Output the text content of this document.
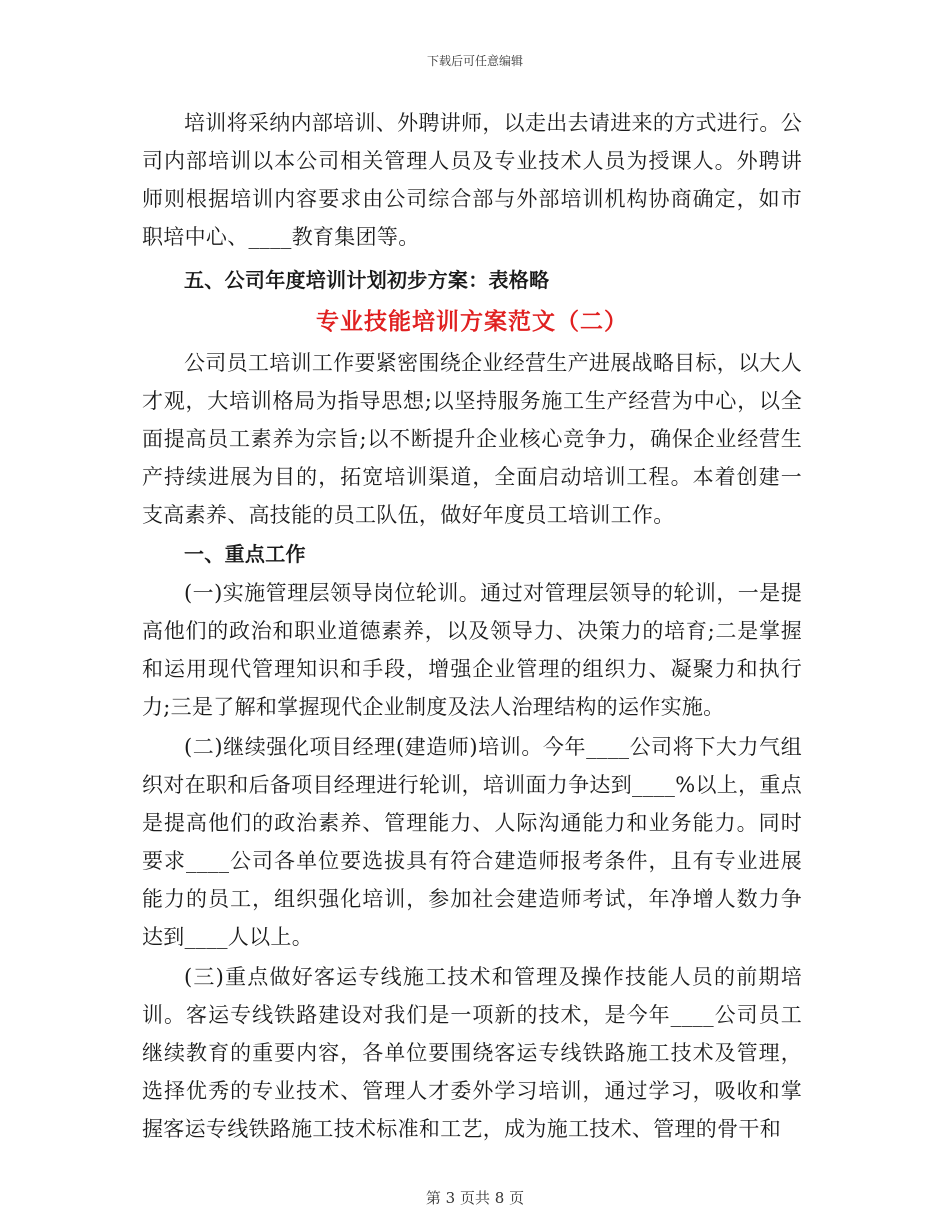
下载后可任意编辑

培训将采纳内部培训、外聘讲师，以走出去请进来的方式进行。公司内部培训以本公司相关管理人员及专业技术人员为授课人。外聘讲师则根据培训内容要求由公司综合部与外部培训机构协商确定，如市职培中心、____教育集团等。

五、公司年度培训计划初步方案：表格略

专业技能培训方案范文（二）

公司员工培训工作要紧密围绕企业经营生产进展战略目标，以大人才观，大培训格局为指导思想;以坚持服务施工生产经营为中心，以全面提高员工素养为宗旨;以不断提升企业核心竞争力，确保企业经营生产持续进展为目的，拓宽培训渠道，全面启动培训工程。本着创建一支高素养、高技能的员工队伍，做好年度员工培训工作。

一、重点工作

(一)实施管理层领导岗位轮训。通过对管理层领导的轮训，一是提高他们的政治和职业道德素养，以及领导力、决策力的培育;二是掌握和运用现代管理知识和手段，增强企业管理的组织力、凝聚力和执行力;三是了解和掌握现代企业制度及法人治理结构的运作实施。

(二)继续强化项目经理(建造师)培训。今年____公司将下大力气组织对在职和后备项目经理进行轮训，培训面力争达到____%以上，重点是提高他们的政治素养、管理能力、人际沟通能力和业务能力。同时要求____公司各单位要选拔具有符合建造师报考条件，且有专业进展能力的员工，组织强化培训，参加社会建造师考试，年净增人数力争达到____人以上。

(三)重点做好客运专线施工技术和管理及操作技能人员的前期培训。客运专线铁路建设对我们是一项新的技术，是今年____公司员工继续教育的重要内容，各单位要围绕客运专线铁路施工技术及管理，选择优秀的专业技术、管理人才委外学习培训，通过学习，吸收和掌握客运专线铁路施工技术标准和工艺，成为施工技术、管理的骨干和

第 3 页共 8 页
